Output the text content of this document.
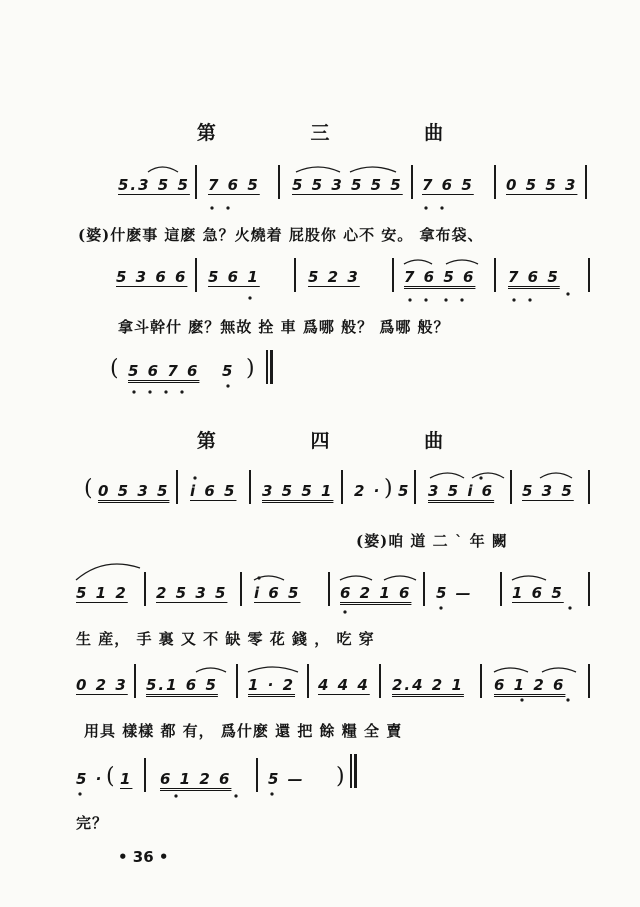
第 三 曲
5.3 5 5 7 6 5 5 5 3 5 5 5 7 6 5 0 5 5 3
(婆)什麽事 這麽 急？火燒着 屁股你 心不 安。 拿布袋、
5 3 6 6 5 6 1	5 2 3	7 6 5 6 7 6 5
拿斗幹什 麽？無故 拴 車 爲哪 般？ 爲哪 般？
( 5 6 7 6 5 )
第 四 曲
( 0 5 3 5 i 6 5 3 5 5 1 2 · ) 5 3 5 i 6 5 3 5
(婆)咱 道 二 ` 年 闕
5 1 2 2 5 3 5 i 6 5	6 2 1 6 5 —	1 6 5
生 産， 手 裏 又 不 缺 零 花 錢 ， 吃 穿
0 2 3 5.1 6 5 1 · 2 4 4 4 2.4 2 1 6 1 2 6
用具 樣樣 都 有， 爲什麽 還 把 餘 糧 全 賣
5 · ( 1 6 1 2 6 5 — )
完？
• 36 •
